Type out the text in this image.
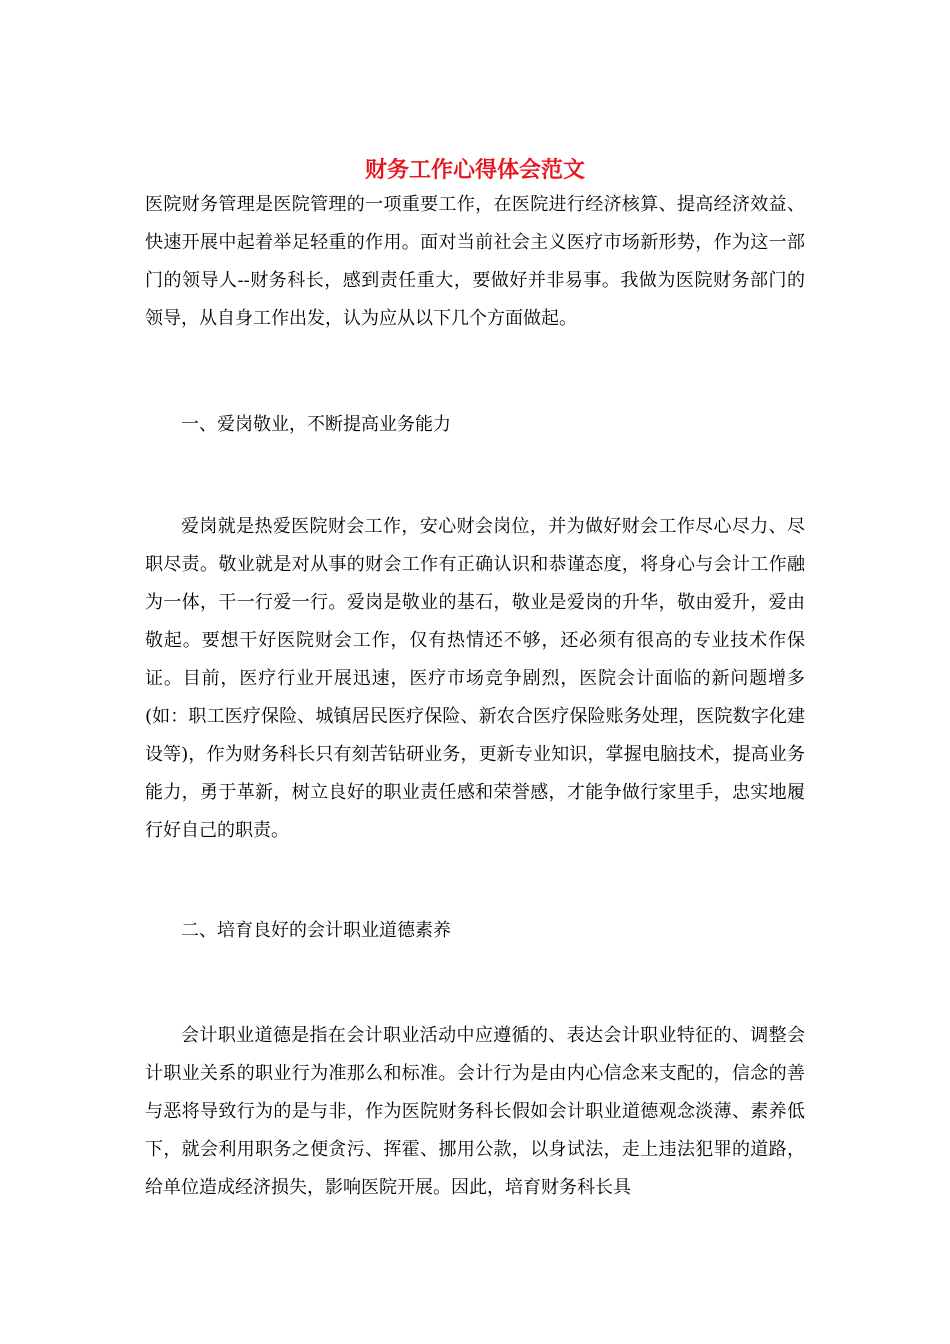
财务工作心得体会范文

医院财务管理是医院管理的一项重要工作，在医院进行经济核算、提高经济效益、快速开展中起着举足轻重的作用。面对当前社会主义医疗市场新形势，作为这一部门的领导人--财务科长，感到责任重大，要做好并非易事。我做为医院财务部门的领导，从自身工作出发，认为应从以下几个方面做起。

一、爱岗敬业，不断提高业务能力

爱岗就是热爱医院财会工作，安心财会岗位，并为做好财会工作尽心尽力、尽职尽责。敬业就是对从事的财会工作有正确认识和恭谨态度，将身心与会计工作融为一体，干一行爱一行。爱岗是敬业的基石，敬业是爱岗的升华，敬由爱升，爱由敬起。要想干好医院财会工作，仅有热情还不够，还必须有很高的专业技术作保证。目前，医疗行业开展迅速，医疗市场竞争剧烈，医院会计面临的新问题增多(如：职工医疗保险、城镇居民医疗保险、新农合医疗保险账务处理，医院数字化建设等)，作为财务科长只有刻苦钻研业务，更新专业知识，掌握电脑技术，提高业务能力，勇于革新，树立良好的职业责任感和荣誉感，才能争做行家里手，忠实地履行好自己的职责。

二、培育良好的会计职业道德素养

会计职业道德是指在会计职业活动中应遵循的、表达会计职业特征的、调整会计职业关系的职业行为准那么和标准。会计行为是由内心信念来支配的，信念的善与恶将导致行为的是与非，作为医院财务科长假如会计职业道德观念淡薄、素养低下，就会利用职务之便贪污、挥霍、挪用公款，以身试法，走上违法犯罪的道路，给单位造成经济损失，影响医院开展。因此，培育财务科长具
